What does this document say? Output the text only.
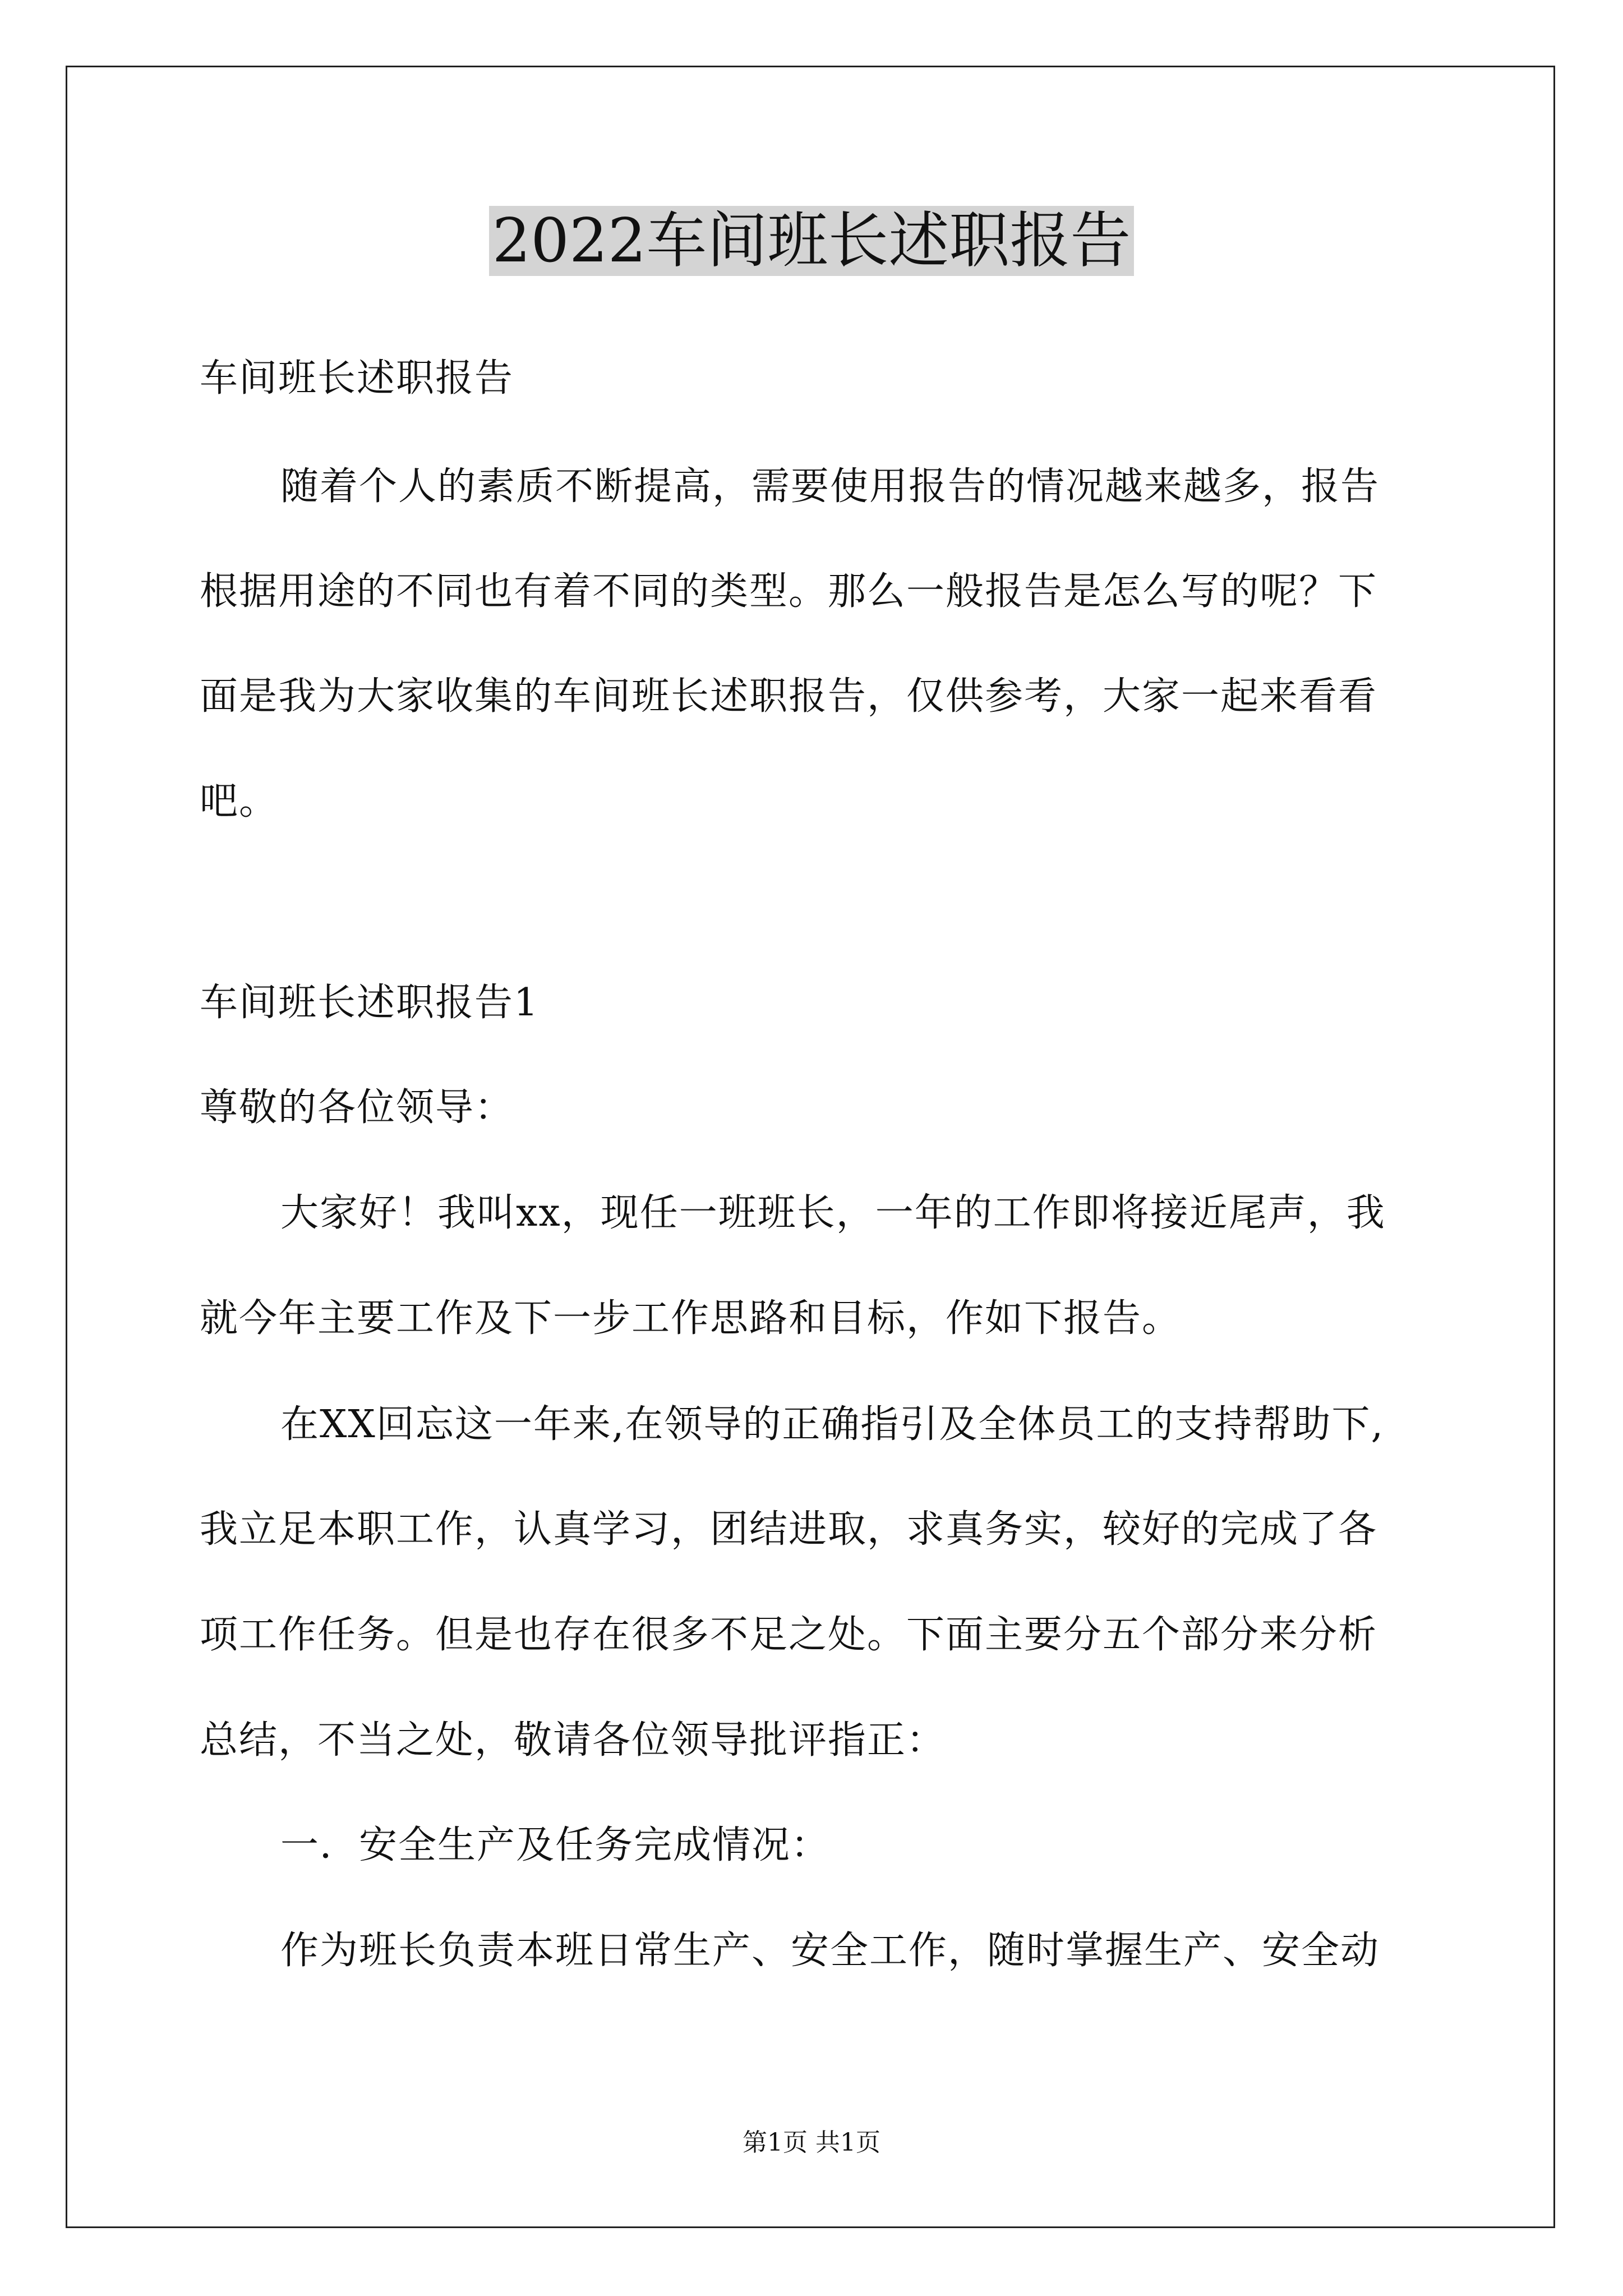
2022车间班长述职报告

车间班长述职报告

随着个人的素质不断提高，需要使用报告的情况越来越多，报告

根据用途的不同也有着不同的类型。那么一般报告是怎么写的呢？下

面是我为大家收集的车间班长述职报告，仅供参考，大家一起来看看

吧。

车间班长述职报告1

尊敬的各位领导：

大家好！我叫xx，现任一班班长，一年的工作即将接近尾声，我

就今年主要工作及下一步工作思路和目标，作如下报告。

在XX回忘这一年来,在领导的正确指引及全体员工的支持帮助下,

我立足本职工作，认真学习，团结进取，求真务实，较好的完成了各

项工作任务。但是也存在很多不足之处。下面主要分五个部分来分析

总结，不当之处，敬请各位领导批评指正：

一．安全生产及任务完成情况：

作为班长负责本班日常生产、安全工作，随时掌握生产、安全动

第1页 共1页
